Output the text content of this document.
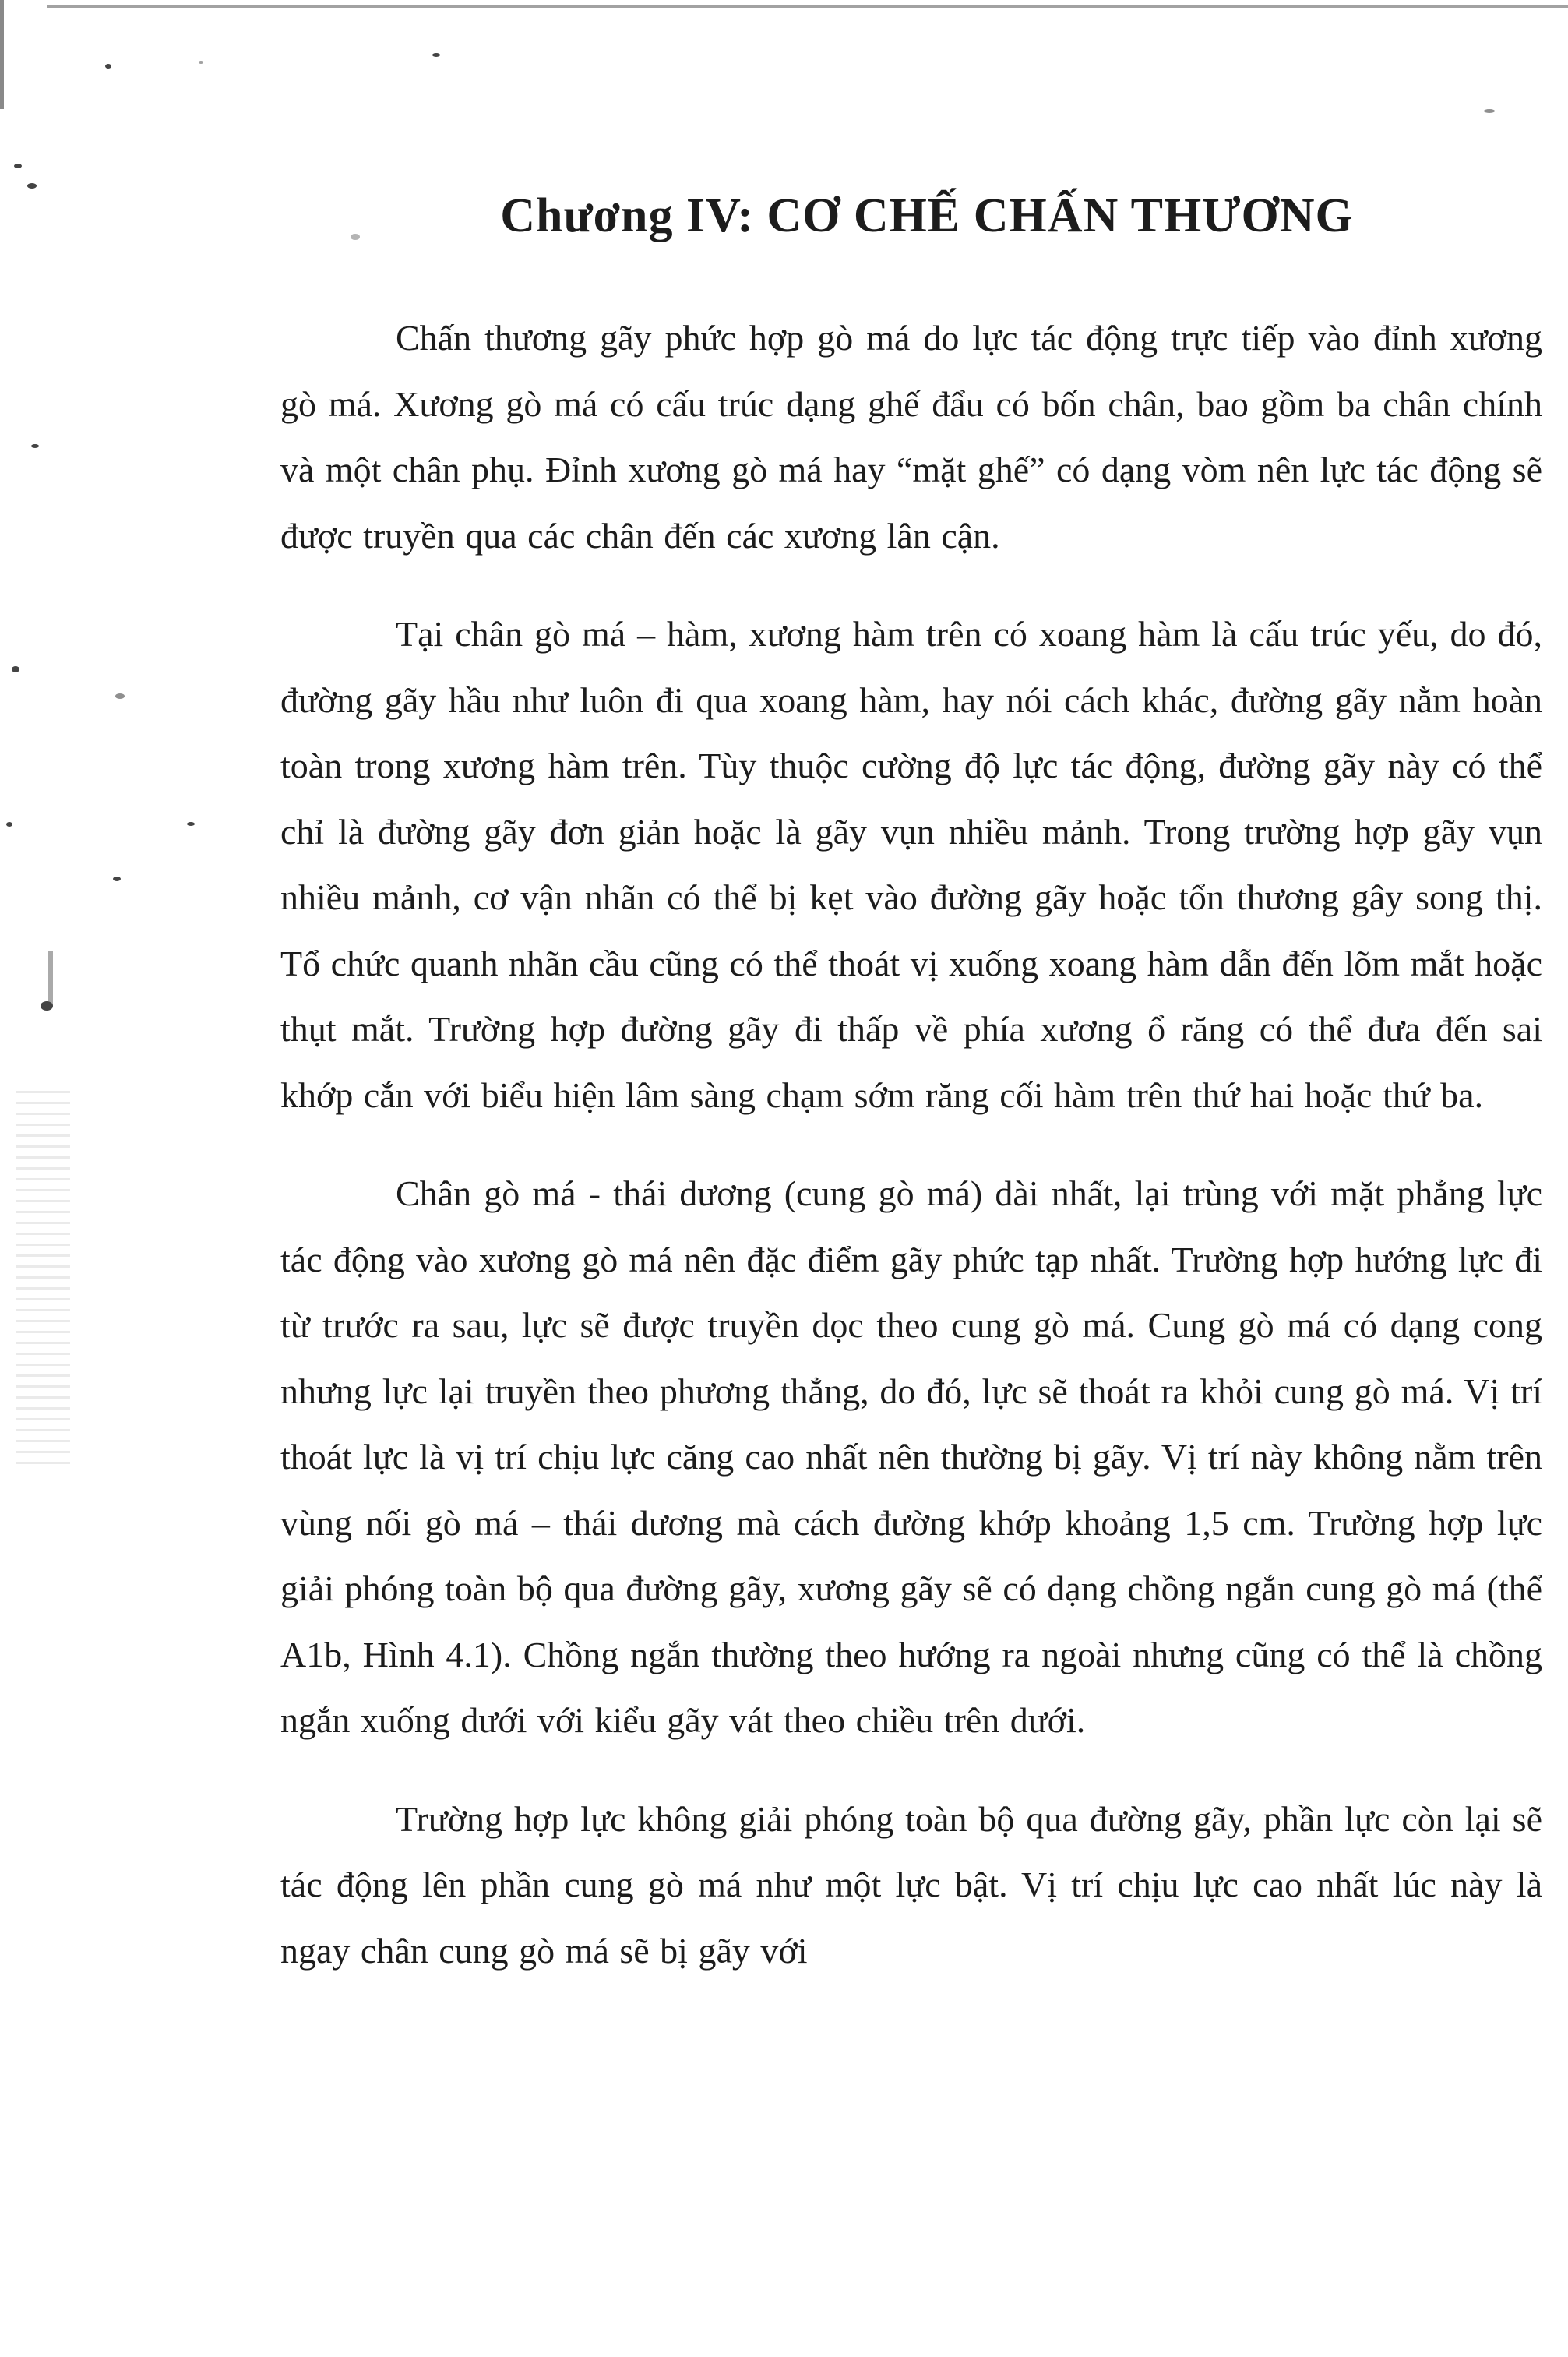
Chương IV: CƠ CHẾ CHẤN THƯƠNG

Chấn thương gãy phức hợp gò má do lực tác động trực tiếp vào đỉnh xương gò má. Xương gò má có cấu trúc dạng ghế đẩu có bốn chân, bao gồm ba chân chính và một chân phụ. Đỉnh xương gò má hay “mặt ghế” có dạng vòm nên lực tác động sẽ được truyền qua các chân đến các xương lân cận.

Tại chân gò má – hàm, xương hàm trên có xoang hàm là cấu trúc yếu, do đó, đường gãy hầu như luôn đi qua xoang hàm, hay nói cách khác, đường gãy nằm hoàn toàn trong xương hàm trên. Tùy thuộc cường độ lực tác động, đường gãy này có thể chỉ là đường gãy đơn giản hoặc là gãy vụn nhiều mảnh. Trong trường hợp gãy vụn nhiều mảnh, cơ vận nhãn có thể bị kẹt vào đường gãy hoặc tổn thương gây song thị. Tổ chức quanh nhãn cầu cũng có thể thoát vị xuống xoang hàm dẫn đến lõm mắt hoặc thụt mắt. Trường hợp đường gãy đi thấp về phía xương ổ răng có thể đưa đến sai khớp cắn với biểu hiện lâm sàng chạm sớm răng cối hàm trên thứ hai hoặc thứ ba.

Chân gò má - thái dương (cung gò má) dài nhất, lại trùng với mặt phẳng lực tác động vào xương gò má nên đặc điểm gãy phức tạp nhất. Trường hợp hướng lực đi từ trước ra sau, lực sẽ được truyền dọc theo cung gò má. Cung gò má có dạng cong nhưng lực lại truyền theo phương thẳng, do đó, lực sẽ thoát ra khỏi cung gò má. Vị trí thoát lực là vị trí chịu lực căng cao nhất nên thường bị gãy. Vị trí này không nằm trên vùng nối gò má – thái dương mà cách đường khớp khoảng 1,5 cm. Trường hợp lực giải phóng toàn bộ qua đường gãy, xương gãy sẽ có dạng chồng ngắn cung gò má (thể A1b, Hình 4.1). Chồng ngắn thường theo hướng ra ngoài nhưng cũng có thể là chồng ngắn xuống dưới với kiểu gãy vát theo chiều trên dưới.

Trường hợp lực không giải phóng toàn bộ qua đường gãy, phần lực còn lại sẽ tác động lên phần cung gò má như một lực bật. Vị trí chịu lực cao nhất lúc này là ngay chân cung gò má sẽ bị gãy với
